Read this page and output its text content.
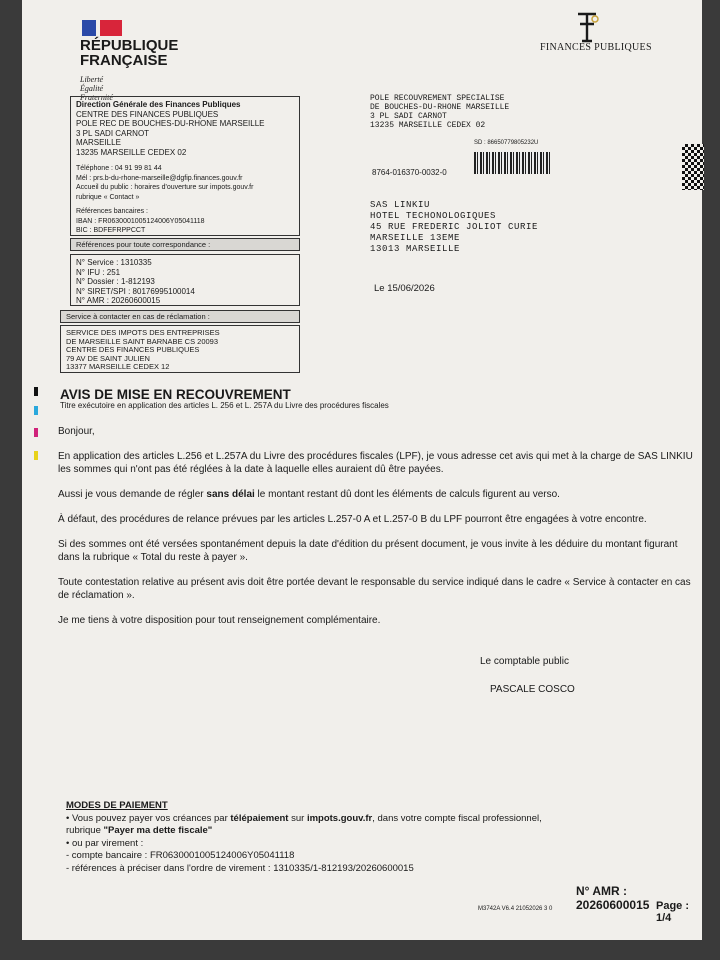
RÉPUBLIQUE
FRANÇAISE
Liberté
Égalité
Fraternité
FINANCES PUBLIQUES
Direction Générale des Finances Publiques
CENTRE DES FINANCES PUBLIQUES
POLE REC DE BOUCHES-DU-RHONE MARSEILLE
3 PL SADI CARNOT
MARSEILLE
13235 MARSEILLE CEDEX 02
Téléphone : 04 91 99 81 44
Mél : prs.b-du-rhone-marseille@dgfip.finances.gouv.fr
Accueil du public : horaires d'ouverture sur impots.gouv.fr
rubrique « Contact »
Références bancaires :
IBAN : FR0630001005124006Y05041118
BIC : BDFEFRPPCCT
Références pour toute correspondance :
N° Service : 1310335
N° IFU : 251
N° Dossier : 1-812193
N° SIRET/SPI : 80176995100014
N° AMR : 20260600015
Service à contacter en cas de réclamation :
SERVICE DES IMPOTS DES ENTREPRISES
DE MARSEILLE SAINT BARNABE CS 20093
CENTRE DES FINANCES PUBLIQUES
79 AV DE SAINT JULIEN
13377 MARSEILLE CEDEX 12
POLE RECOUVREMENT SPECIALISE
DE BOUCHES-DU-RHONE MARSEILLE
3 PL SADI CARNOT
13235 MARSEILLE CEDEX 02
SD : 86650779805232U
8764-016370-0032-0
SAS LINKIU
HOTEL TECHONOLOGIQUES
45 RUE FREDERIC JOLIOT CURIE
MARSEILLE 13EME
13013 MARSEILLE
Le 15/06/2026
AVIS DE MISE EN RECOUVREMENT
Titre exécutoire en application des articles L. 256 et L. 257A du Livre des procédures fiscales

Bonjour,

En application des articles L.256 et L.257A du Livre des procédures fiscales (LPF), je vous adresse cet avis qui met à la charge de SAS LINKIU les sommes qui n'ont pas été réglées à la date à laquelle elles auraient dû être payées.

Aussi je vous demande de régler sans délai le montant restant dû dont les éléments de calculs figurent au verso.

À défaut, des procédures de relance prévues par les articles L.257-0 A et L.257-0 B du LPF pourront être engagées à votre encontre.

Si des sommes ont été versées spontanément depuis la date d'édition du présent document, je vous invite à les déduire du montant figurant dans la rubrique « Total du reste à payer ».

Toute contestation relative au présent avis doit être portée devant le responsable du service indiqué dans le cadre « Service à contacter en cas de réclamation ».

Je me tiens à votre disposition pour tout renseignement complémentaire.

Le comptable public
PASCALE COSCO
MODES DE PAIEMENT
• Vous pouvez payer vos créances par télépaiement sur impots.gouv.fr, dans votre compte fiscal professionnel,
rubrique "Payer ma dette fiscale"
• ou par virement :
- compte bancaire : FR0630001005124006Y05041118
- références à préciser dans l'ordre de virement : 1310335/1-812193/20260600015
N° AMR : 20260600015 Page : 1/4
M3742A V6.4 21052026 3 0
